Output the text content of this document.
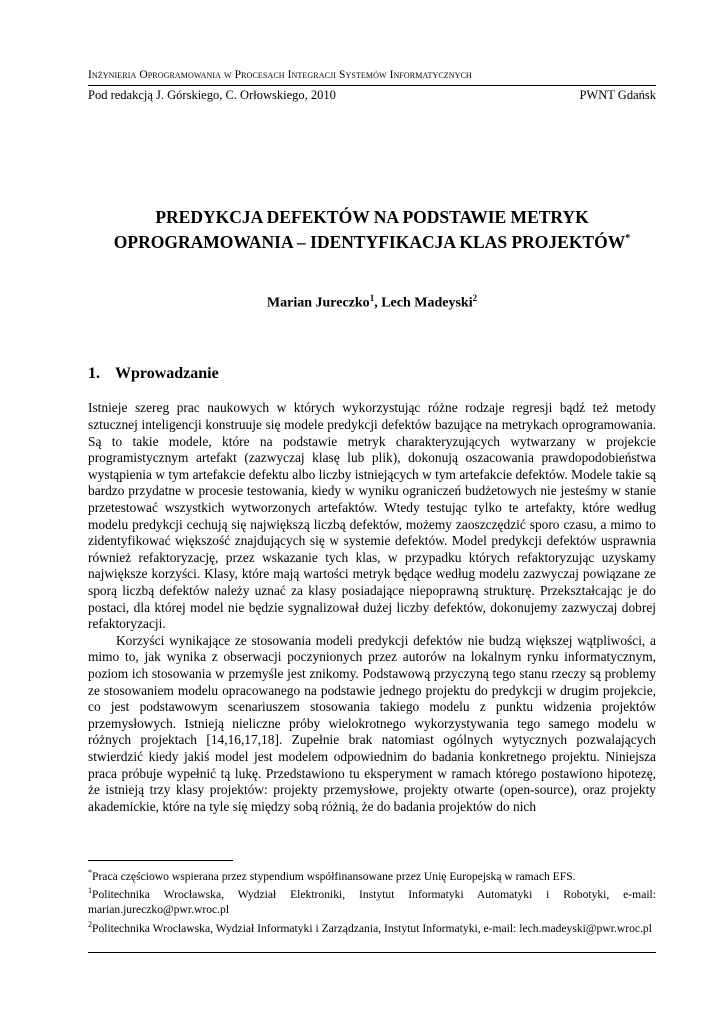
Inżynieria Oprogramowania w Procesach Integracji Systemów Informatycznych
Pod redakcją J. Górskiego, C. Orłowskiego, 2010	PWNT Gdańsk
PREDYKCJA DEFEKTÓW NA PODSTAWIE METRYK
OPROGRAMOWANIA – IDENTYFIKACJA KLAS PROJEKTÓW*
Marian Jureczko$^1$, Lech Madeyski$^2$
1. Wprowadzanie

Istnieje szereg prac naukowych w których wykorzystując różne rodzaje regresji bądź też metody sztucznej inteligencji konstruuje się modele predykcji defektów bazujące na metrykach oprogramowania. Są to takie modele, które na podstawie metryk charakteryzujących wytwarzany w projekcie programistycznym artefakt (zazwyczaj klasę lub plik), dokonują oszacowania prawdopodobieństwa wystąpienia w tym artefakcie defektu albo liczby istniejących w tym artefakcie defektów. Modele takie są bardzo przydatne w procesie testowania, kiedy w wyniku ograniczeń budżetowych nie jesteśmy w stanie przetestować wszystkich wytworzonych artefaktów. Wtedy testując tylko te artefakty, które według modelu predykcji cechują się największą liczbą defektów, możemy zaoszczędzić sporo czasu, a mimo to zidentyfikować większość znajdujących się w systemie defektów. Model predykcji defektów usprawnia również refaktoryzację, przez wskazanie tych klas, w przypadku których refaktoryzując uzyskamy największe korzyści. Klasy, które mają wartości metryk będące według modelu zazwyczaj powiązane ze sporą liczbą defektów należy uznać za klasy posiadające niepoprawną strukturę. Przekształcając je do postaci, dla której model nie będzie sygnalizował dużej liczby defektów, dokonujemy zazwyczaj dobrej refaktoryzacji.

Korzyści wynikające ze stosowania modeli predykcji defektów nie budzą większej wątpliwości, a mimo to, jak wynika z obserwacji poczynionych przez autorów na lokalnym rynku informatycznym, poziom ich stosowania w przemyśle jest znikomy. Podstawową przyczyną tego stanu rzeczy są problemy ze stosowaniem modelu opracowanego na podstawie jednego projektu do predykcji w drugim projekcie, co jest podstawowym scenariuszem stosowania takiego modelu z punktu widzenia projektów przemysłowych. Istnieją nieliczne próby wielokrotnego wykorzystywania tego samego modelu w różnych projektach [14,16,17,18]. Zupełnie brak natomiast ogólnych wytycznych pozwalających stwierdzić kiedy jakiś model jest modelem odpowiednim do badania konkretnego projektu. Niniejsza praca próbuje wypełnić tą lukę. Przedstawiono tu eksperyment w ramach którego postawiono hipotezę, że istnieją trzy klasy projektów: projekty przemysłowe, projekty otwarte (open-source), oraz projekty akademickie, które na tyle się między sobą różnią, że do badania projektów do nich

*Praca częściowo wspierana przez stypendium współfinansowane przez Unię Europejską w ramach EFS.
$^1$Politechnika Wrocławska, Wydział Elektroniki, Instytut Informatyki Automatyki i Robotyki, e-mail: marian.jureczko@pwr.wroc.pl
$^2$Politechnika Wrocławska, Wydział Informatyki i Zarządzania, Instytut Informatyki, e-mail: lech.madeyski@pwr.wroc.pl
